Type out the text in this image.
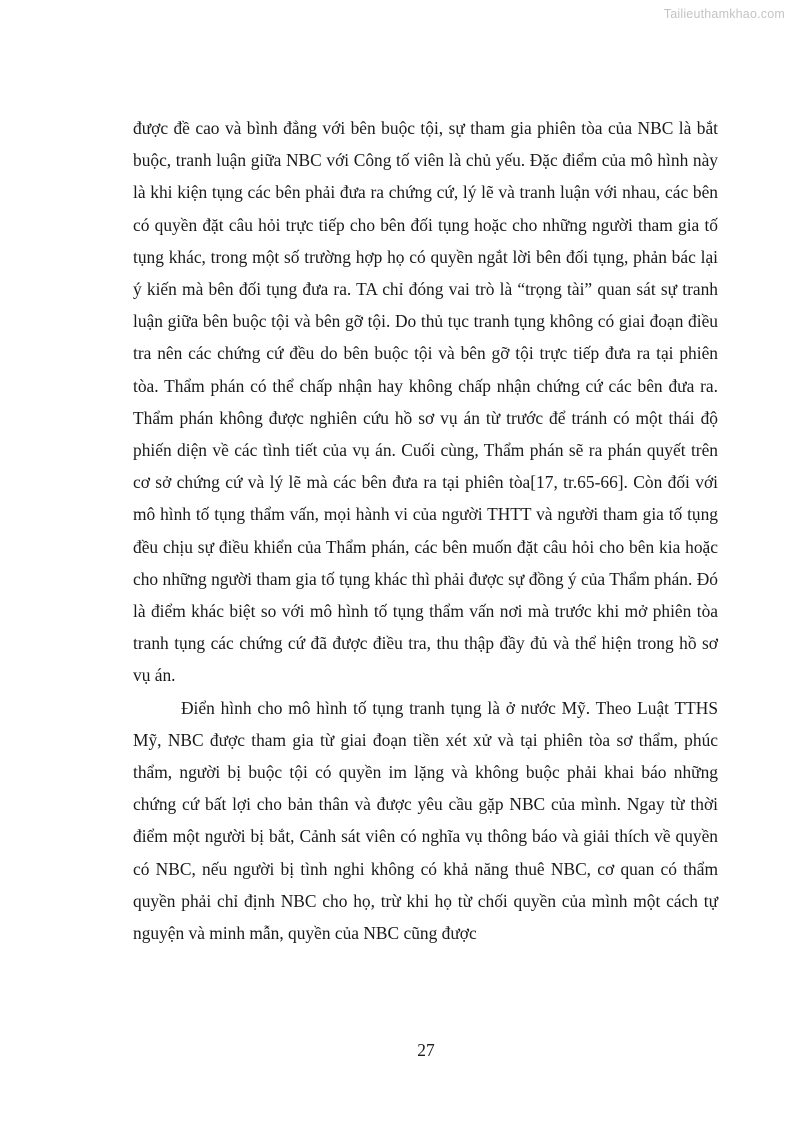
Tailieuthamkhao.com

được đề cao và bình đẳng với bên buộc tội, sự tham gia phiên tòa của NBC là bắt buộc, tranh luận giữa NBC với Công tố viên là chủ yếu. Đặc điểm của mô hình này là khi kiện tụng các bên phải đưa ra chứng cứ, lý lẽ và tranh luận với nhau, các bên có quyền đặt câu hỏi trực tiếp cho bên đối tụng hoặc cho những người tham gia tố tụng khác, trong một số trường hợp họ có quyền ngắt lời bên đối tụng, phản bác lại ý kiến mà bên đối tụng đưa ra. TA chỉ đóng vai trò là “trọng tài” quan sát sự tranh luận giữa bên buộc tội và bên gỡ tội. Do thủ tục tranh tụng không có giai đoạn điều tra nên các chứng cứ đều do bên buộc tội và bên gỡ tội trực tiếp đưa ra tại phiên tòa. Thẩm phán có thể chấp nhận hay không chấp nhận chứng cứ các bên đưa ra. Thẩm phán không được nghiên cứu hồ sơ vụ án từ trước để tránh có một thái độ phiến diện về các tình tiết của vụ án. Cuối cùng, Thẩm phán sẽ ra phán quyết trên cơ sở chứng cứ và lý lẽ mà các bên đưa ra tại phiên tòa[17, tr.65-66]. Còn đối với mô hình tố tụng thẩm vấn, mọi hành vi của người THTT và người tham gia tố tụng đều chịu sự điều khiển của Thẩm phán, các bên muốn đặt câu hỏi cho bên kia hoặc cho những người tham gia tố tụng khác thì phải được sự đồng ý của Thẩm phán. Đó là điểm khác biệt so với mô hình tố tụng thẩm vấn nơi mà trước khi mở phiên tòa tranh tụng các chứng cứ đã được điều tra, thu thập đầy đủ và thể hiện trong hồ sơ vụ án.

Điển hình cho mô hình tố tụng tranh tụng là ở nước Mỹ. Theo Luật TTHS Mỹ, NBC được tham gia từ giai đoạn tiền xét xử và tại phiên tòa sơ thẩm, phúc thẩm, người bị buộc tội có quyền im lặng và không buộc phải khai báo những chứng cứ bất lợi cho bản thân và được yêu cầu gặp NBC của mình. Ngay từ thời điểm một người bị bắt, Cảnh sát viên có nghĩa vụ thông báo và giải thích về quyền có NBC, nếu người bị tình nghi không có khả năng thuê NBC, cơ quan có thẩm quyền phải chỉ định NBC cho họ, trừ khi họ từ chối quyền của mình một cách tự nguyện và minh mẫn, quyền của NBC cũng được

27
